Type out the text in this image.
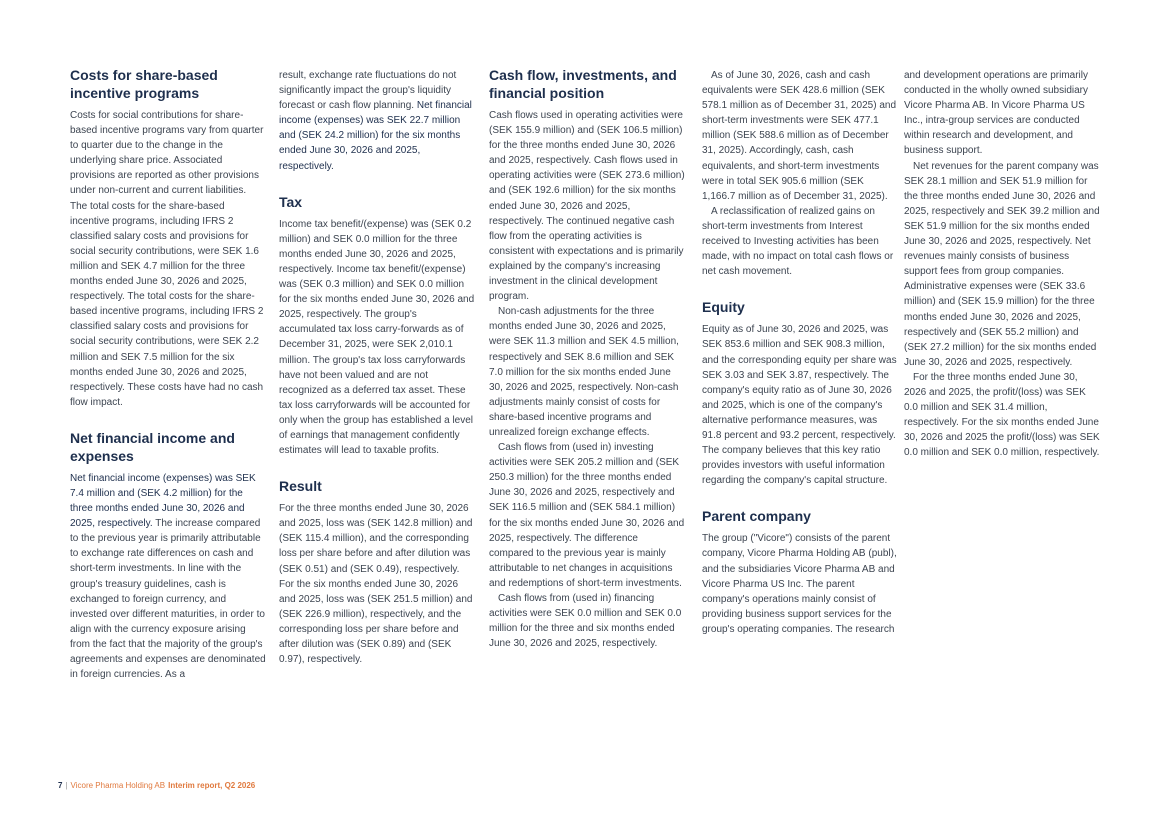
Costs for share-based incentive programs

Costs for social contributions for share-based incentive programs vary from quarter to quarter due to the change in the underlying share price. Associated provisions are reported as other provisions under non-current and current liabilities. The total costs for the share-based incentive programs, including IFRS 2 classified salary costs and provisions for social security contributions, were SEK 1.6 million and SEK 4.7 million for the three months ended June 30, 2026 and 2025, respectively. The total costs for the share-based incentive programs, including IFRS 2 classified salary costs and provisions for social security contributions, were SEK 2.2 million and SEK 7.5 million for the six months ended June 30, 2026 and 2025, respectively. These costs have had no cash flow impact.

Net financial income and expenses

Net financial income (expenses) was SEK 7.4 million and (SEK 4.2 million) for the three months ended June 30, 2026 and 2025, respectively. The increase compared to the previous year is primarily attributable to exchange rate differences on cash and short-term investments. In line with the group's treasury guidelines, cash is exchanged to foreign currency, and invested over different maturities, in order to align with the currency exposure arising from the fact that the majority of the group's agreements and expenses are denominated in foreign currencies. As a

result, exchange rate fluctuations do not significantly impact the group's liquidity forecast or cash flow planning. Net financial income (expenses) was SEK 22.7 million and (SEK 24.2 million) for the six months ended June 30, 2026 and 2025, respectively.

Tax

Income tax benefit/(expense) was (SEK 0.2 million) and SEK 0.0 million for the three months ended June 30, 2026 and 2025, respectively. Income tax benefit/(expense) was (SEK 0.3 million) and SEK 0.0 million for the six months ended June 30, 2026 and 2025, respectively. The group's accumulated tax loss carry-forwards as of December 31, 2025, were SEK 2,010.1 million. The group's tax loss carryforwards have not been valued and are not recognized as a deferred tax asset. These tax loss carryforwards will be accounted for only when the group has established a level of earnings that management confidently estimates will lead to taxable profits.

Result

For the three months ended June 30, 2026 and 2025, loss was (SEK 142.8 million) and (SEK 115.4 million), and the corresponding loss per share before and after dilution was (SEK 0.51) and (SEK 0.49), respectively. For the six months ended June 30, 2026 and 2025, loss was (SEK 251.5 million) and (SEK 226.9 million), respectively, and the corresponding loss per share before and after dilution was (SEK 0.89) and (SEK 0.97), respectively.

Cash flow, investments, and financial position

Cash flows used in operating activities were (SEK 155.9 million) and (SEK 106.5 million) for the three months ended June 30, 2026 and 2025, respectively. Cash flows used in operating activities were (SEK 273.6 million) and (SEK 192.6 million) for the six months ended June 30, 2026 and 2025, respectively. The continued negative cash flow from the operating activities is consistent with expectations and is primarily explained by the company's increasing investment in the clinical development program.

Non-cash adjustments for the three months ended June 30, 2026 and 2025, were SEK 11.3 million and SEK 4.5 million, respectively and SEK 8.6 million and SEK 7.0 million for the six months ended June 30, 2026 and 2025, respectively. Non-cash adjustments mainly consist of costs for share-based incentive programs and unrealized foreign exchange effects.

Cash flows from (used in) investing activities were SEK 205.2 million and (SEK 250.3 million) for the three months ended June 30, 2026 and 2025, respectively and SEK 116.5 million and (SEK 584.1 million) for the six months ended June 30, 2026 and 2025, respectively. The difference compared to the previous year is mainly attributable to net changes in acquisitions and redemptions of short-term investments.

Cash flows from (used in) financing activities were SEK 0.0 million and SEK 0.0 million for the three and six months ended June 30, 2026 and 2025, respectively.

As of June 30, 2026, cash and cash equivalents were SEK 428.6 million (SEK 578.1 million as of December 31, 2025) and short-term investments were SEK 477.1 million (SEK 588.6 million as of December 31, 2025). Accordingly, cash, cash equivalents, and short-term investments were in total SEK 905.6 million (SEK 1,166.7 million as of December 31, 2025).

A reclassification of realized gains on short-term investments from Interest received to Investing activities has been made, with no impact on total cash flows or net cash movement.

Equity

Equity as of June 30, 2026 and 2025, was SEK 853.6 million and SEK 908.3 million, and the corresponding equity per share was SEK 3.03 and SEK 3.87, respectively. The company's equity ratio as of June 30, 2026 and 2025, which is one of the company's alternative performance measures, was 91.8 percent and 93.2 percent, respectively. The company believes that this key ratio provides investors with useful information regarding the company's capital structure.

Parent company

The group ("Vicore") consists of the parent company, Vicore Pharma Holding AB (publ), and the subsidiaries Vicore Pharma AB and Vicore Pharma US Inc. The parent company's operations mainly consist of providing business support services for the group's operating companies. The research

and development operations are primarily conducted in the wholly owned subsidiary Vicore Pharma AB. In Vicore Pharma US Inc., intra-group services are conducted within research and development, and business support.

Net revenues for the parent company was SEK 28.1 million and SEK 51.9 million for the three months ended June 30, 2026 and 2025, respectively and SEK 39.2 million and SEK 51.9 million for the six months ended June 30, 2026 and 2025, respectively. Net revenues mainly consists of business support fees from group companies. Administrative expenses were (SEK 33.6 million) and (SEK 15.9 million) for the three months ended June 30, 2026 and 2025, respectively and (SEK 55.2 million) and (SEK 27.2 million) for the six months ended June 30, 2026 and 2025, respectively.

For the three months ended June 30, 2026 and 2025, the profit/(loss) was SEK 0.0 million and SEK 31.4 million, respectively. For the six months ended June 30, 2026 and 2025 the profit/(loss) was SEK 0.0 million and SEK 0.0 million, respectively.

7 | Vicore Pharma Holding AB Interim report, Q2 2026
